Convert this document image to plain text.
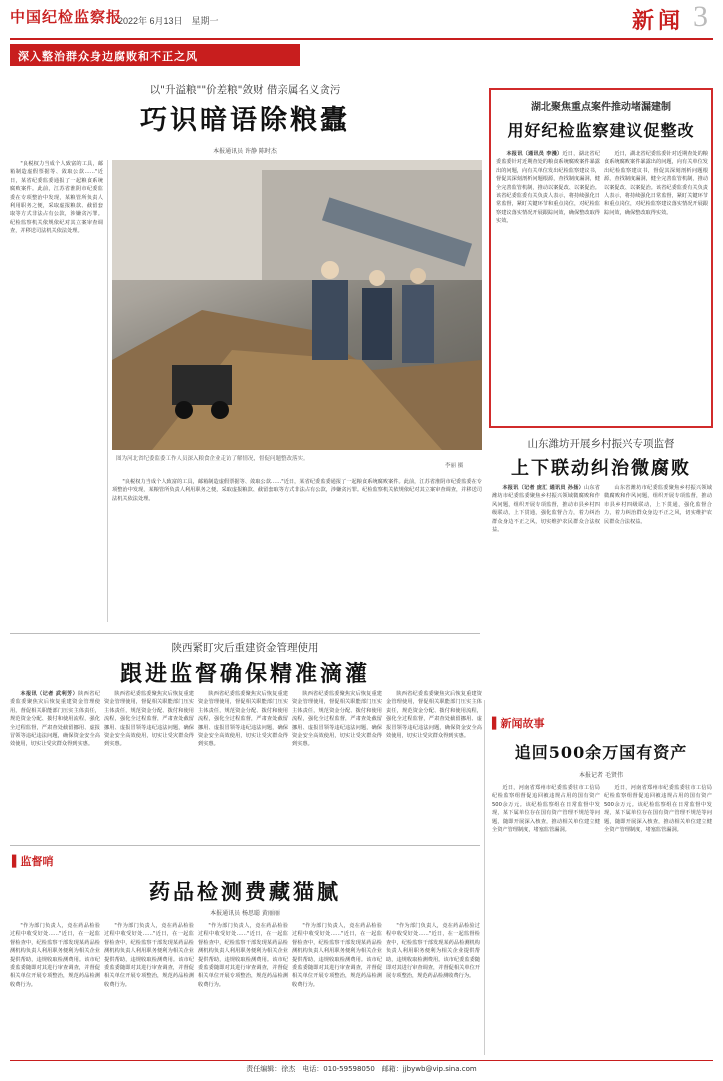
中国纪检监察报
2022年 6月13日　星期一	新闻 3
深入整治群众身边腐败和不正之风
以"升溢粮""价差粮"敛财 借亲属名义贪污
巧识暗语除粮蠹
本报通讯员 许静 陈时杰

"良税权力当成个人致富的工具，邮箱制造虚假票据等、敛取公款……"近日，某省纪委监委通报了一起粮食系统腐败案件。此前，江苏省淮阴市纪委监委在专项整治中发现，某粮管所负责人利用职务之便，采取虚报粮款、截留套取等方式非法占有公款，涉嫌贪污罪。纪检监察机关依规依纪对其立案审查调查，并移送司法机关依法处理。

图为河北省纪委监委工作人员深入粮食企业走访了解情况，督促问题整改落实。
李丽 摄

"良税权力当成个人致富的工具，邮箱制造虚假票据等、敛取公款……"近日，某省纪委监委通报了一起粮食系统腐败案件。此前，江苏省淮阴市纪委监委在专项整治中发现，某粮管所负责人利用职务之便，采取虚报粮款、截留套取等方式非法占有公款，涉嫌贪污罪。纪检监察机关依规依纪对其立案审查调查，并移送司法机关依法处理。

湖北聚焦重点案件推动堵漏建制
用好纪检监察建议促整改

本报讯（通讯员 李漫）近日，湖北省纪委监委针对近期查处的粮食系统腐败案件暴露出的问题，向有关单位发出纪检监察建议书，督促其深刻剖析问题根源，查找制度漏洞，健全完善监管机制，推动以案促改、以案促治。该省纪委监委有关负责人表示，将持续强化日常监督，紧盯关键环节和重点岗位，对纪检监察建议落实情况开展跟踪问效，确保整改取得实效。

近日，湖北省纪委监委针对近期查处的粮食系统腐败案件暴露出的问题，向有关单位发出纪检监察建议书，督促其深刻剖析问题根源，查找制度漏洞，健全完善监管机制，推动以案促改、以案促治。该省纪委监委有关负责人表示，将持续强化日常监督，紧盯关键环节和重点岗位，对纪检监察建议落实情况开展跟踪问效，确保整改取得实效。

山东潍坊开展乡村振兴专项监督
上下联动纠治微腐败

本报讯（记者 庞汇 通讯员 孙扬）山东省潍坊市纪委监委聚焦乡村振兴领域微腐败和作风问题，组织开展专项监督，推动市县乡村四级联动，上下贯通，强化监督合力，着力纠治群众身边不正之风，切实维护农民群众合法权益。

山东省潍坊市纪委监委聚焦乡村振兴领域微腐败和作风问题，组织开展专项监督，推动市县乡村四级联动，上下贯通，强化监督合力，着力纠治群众身边不正之风，切实维护农民群众合法权益。

陕西紧盯灾后重建资金管理使用
跟进监督确保精准滴灌

本报讯（记者 武利芳）陕西省纪委监委聚焦灾后恢复重建资金管理使用，督促相关职能部门压实主体责任，规范资金分配、拨付和使用流程，强化全过程监督，严肃查处截留挪用、虚报冒领等违纪违法问题，确保资金安全高效使用，切实让受灾群众得到实惠。

陕西省纪委监委聚焦灾后恢复重建资金管理使用，督促相关职能部门压实主体责任，规范资金分配、拨付和使用流程，强化全过程监督，严肃查处截留挪用、虚报冒领等违纪违法问题，确保资金安全高效使用，切实让受灾群众得到实惠。

陕西省纪委监委聚焦灾后恢复重建资金管理使用，督促相关职能部门压实主体责任，规范资金分配、拨付和使用流程，强化全过程监督，严肃查处截留挪用、虚报冒领等违纪违法问题，确保资金安全高效使用，切实让受灾群众得到实惠。

陕西省纪委监委聚焦灾后恢复重建资金管理使用，督促相关职能部门压实主体责任，规范资金分配、拨付和使用流程，强化全过程监督，严肃查处截留挪用、虚报冒领等违纪违法问题，确保资金安全高效使用，切实让受灾群众得到实惠。

陕西省纪委监委聚焦灾后恢复重建资金管理使用，督促相关职能部门压实主体责任，规范资金分配、拨付和使用流程，强化全过程监督，严肃查处截留挪用、虚报冒领等违纪违法问题，确保资金安全高效使用，切实让受灾群众得到实惠。

▌新闻故事
追回500余万国有资产
本报记者 毛贤伟

近日，河南省郑州市纪委监委驻市工信局纪检监察组督促追回被违规占用的国有资产500余万元。该纪检监察组在日常监督中发现，某下属单位存在国有资产管理不规范等问题，随即开展深入核查，推动相关单位建立健全资产管理制度，堵塞监管漏洞。

近日，河南省郑州市纪委监委驻市工信局纪检监察组督促追回被违规占用的国有资产500余万元。该纪检监察组在日常监督中发现，某下属单位存在国有资产管理不规范等问题，随即开展深入核查，推动相关单位建立健全资产管理制度，堵塞监管漏洞。

▌监督哨
药品检测费藏猫腻
本报通讯员 杨思聪 黄丽丽

"作为部门负责人，竟在药品检验过程中收受好处……"近日，在一起监督检查中，纪检监察干部发现某药品检测机构负责人利用职务便利为相关企业提供帮助，违规收取检测费用。该市纪委监委随即对其进行审查调查，并督促相关单位开展专项整治，规范药品检测收费行为。

"作为部门负责人，竟在药品检验过程中收受好处……"近日，在一起监督检查中，纪检监察干部发现某药品检测机构负责人利用职务便利为相关企业提供帮助，违规收取检测费用。该市纪委监委随即对其进行审查调查，并督促相关单位开展专项整治，规范药品检测收费行为。

"作为部门负责人，竟在药品检验过程中收受好处……"近日，在一起监督检查中，纪检监察干部发现某药品检测机构负责人利用职务便利为相关企业提供帮助，违规收取检测费用。该市纪委监委随即对其进行审查调查，并督促相关单位开展专项整治，规范药品检测收费行为。

"作为部门负责人，竟在药品检验过程中收受好处……"近日，在一起监督检查中，纪检监察干部发现某药品检测机构负责人利用职务便利为相关企业提供帮助，违规收取检测费用。该市纪委监委随即对其进行审查调查，并督促相关单位开展专项整治，规范药品检测收费行为。

"作为部门负责人，竟在药品检验过程中收受好处……"近日，在一起监督检查中，纪检监察干部发现某药品检测机构负责人利用职务便利为相关企业提供帮助，违规收取检测费用。该市纪委监委随即对其进行审查调查，并督促相关单位开展专项整治，规范药品检测收费行为。

责任编辑：徐杰　电话：010-59598050　邮箱：jjbywb@vip.sina.com
